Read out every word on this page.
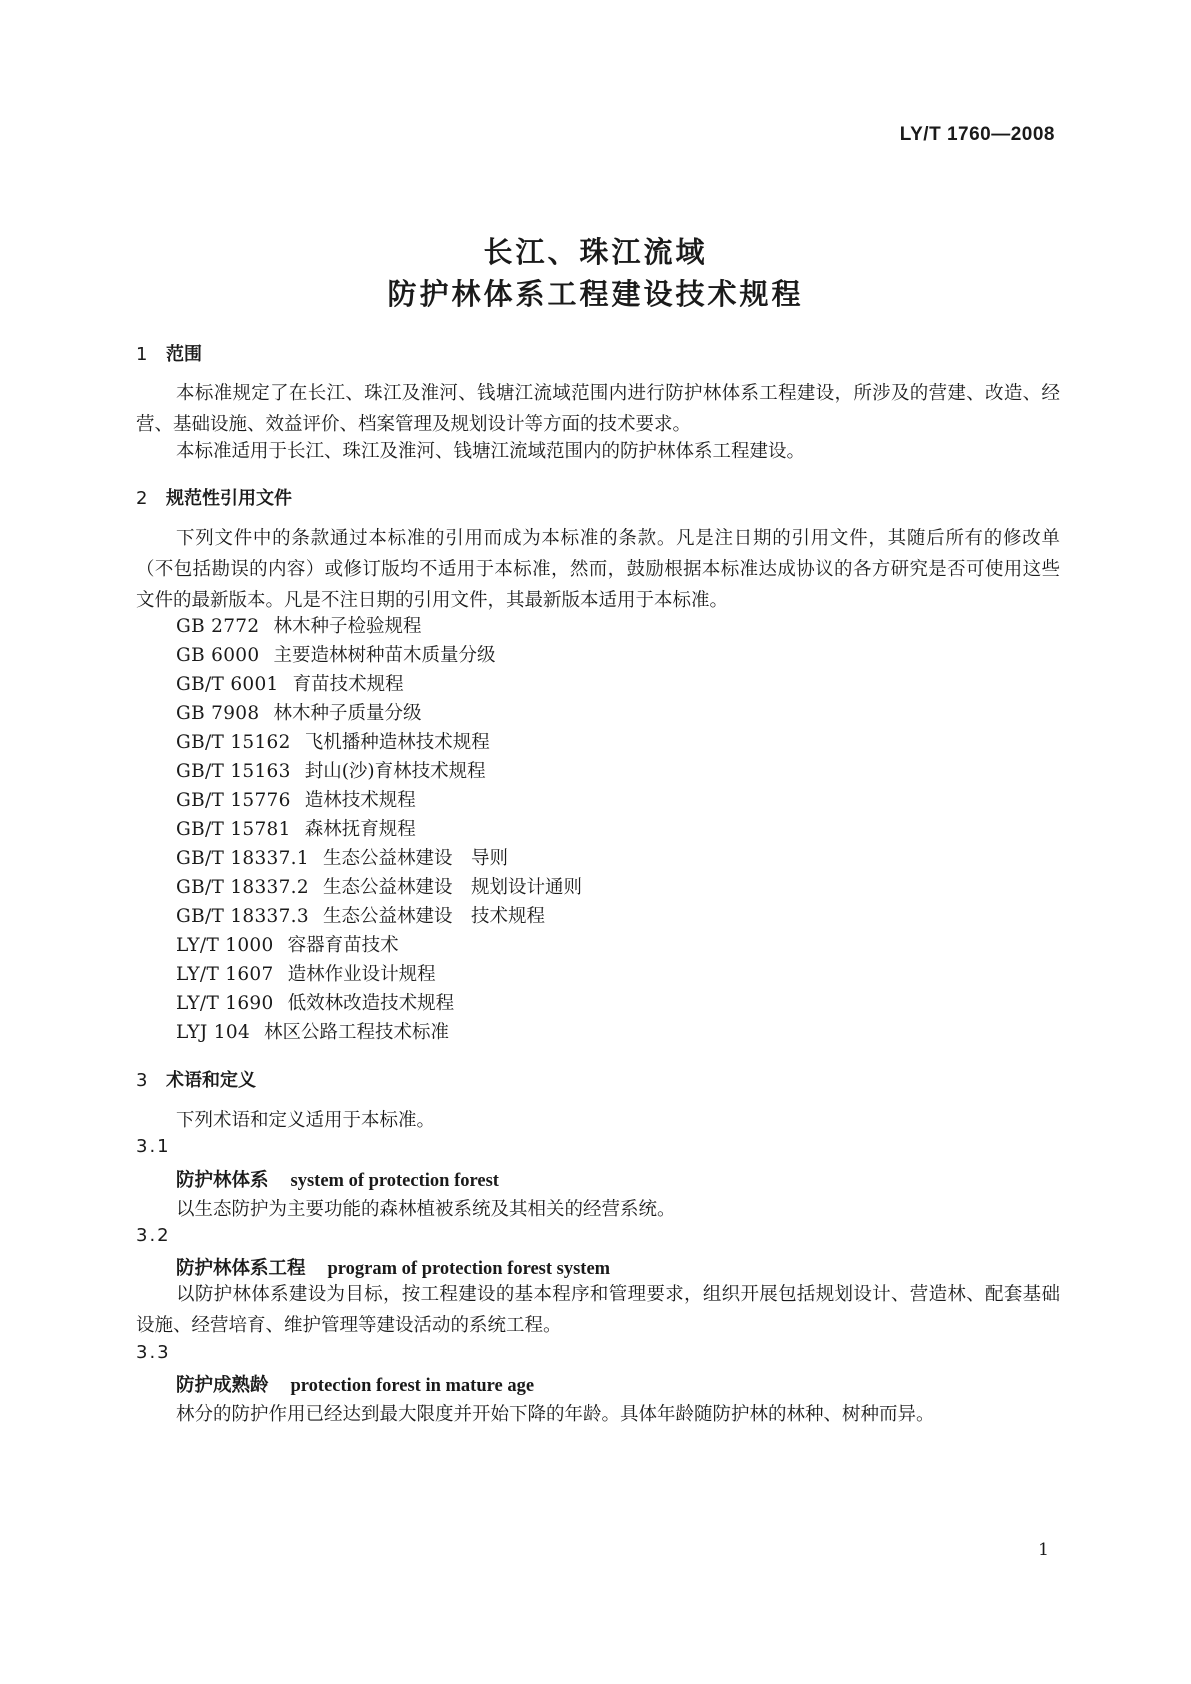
LY/T 1760—2008
长江、珠江流域
防护林体系工程建设技术规程
1 范围

本标准规定了在长江、珠江及淮河、钱塘江流域范围内进行防护林体系工程建设，所涉及的营建、改造、经营、基础设施、效益评价、档案管理及规划设计等方面的技术要求。

本标准适用于长江、珠江及淮河、钱塘江流域范围内的防护林体系工程建设。

2 规范性引用文件

下列文件中的条款通过本标准的引用而成为本标准的条款。凡是注日期的引用文件，其随后所有的修改单（不包括勘误的内容）或修订版均不适用于本标准，然而，鼓励根据本标准达成协议的各方研究是否可使用这些文件的最新版本。凡是不注日期的引用文件，其最新版本适用于本标准。

GB 2772 林木种子检验规程
GB 6000 主要造林树种苗木质量分级
GB/T 6001 育苗技术规程
GB 7908 林木种子质量分级
GB/T 15162 飞机播种造林技术规程
GB/T 15163 封山(沙)育林技术规程
GB/T 15776 造林技术规程
GB/T 15781 森林抚育规程
GB/T 18337.1 生态公益林建设　导则
GB/T 18337.2 生态公益林建设　规划设计通则
GB/T 18337.3 生态公益林建设　技术规程
LY/T 1000 容器育苗技术
LY/T 1607 造林作业设计规程
LY/T 1690 低效林改造技术规程
LYJ 104 林区公路工程技术标准
3 术语和定义
下列术语和定义适用于本标准。
3.1
防护林体系 system of protection forest
以生态防护为主要功能的森林植被系统及其相关的经营系统。
3.2
防护林体系工程 program of protection forest system

以防护林体系建设为目标，按工程建设的基本程序和管理要求，组织开展包括规划设计、营造林、配套基础设施、经营培育、维护管理等建设活动的系统工程。

3.3
防护成熟龄 protection forest in mature age
林分的防护作用已经达到最大限度并开始下降的年龄。具体年龄随防护林的林种、树种而异。
1
